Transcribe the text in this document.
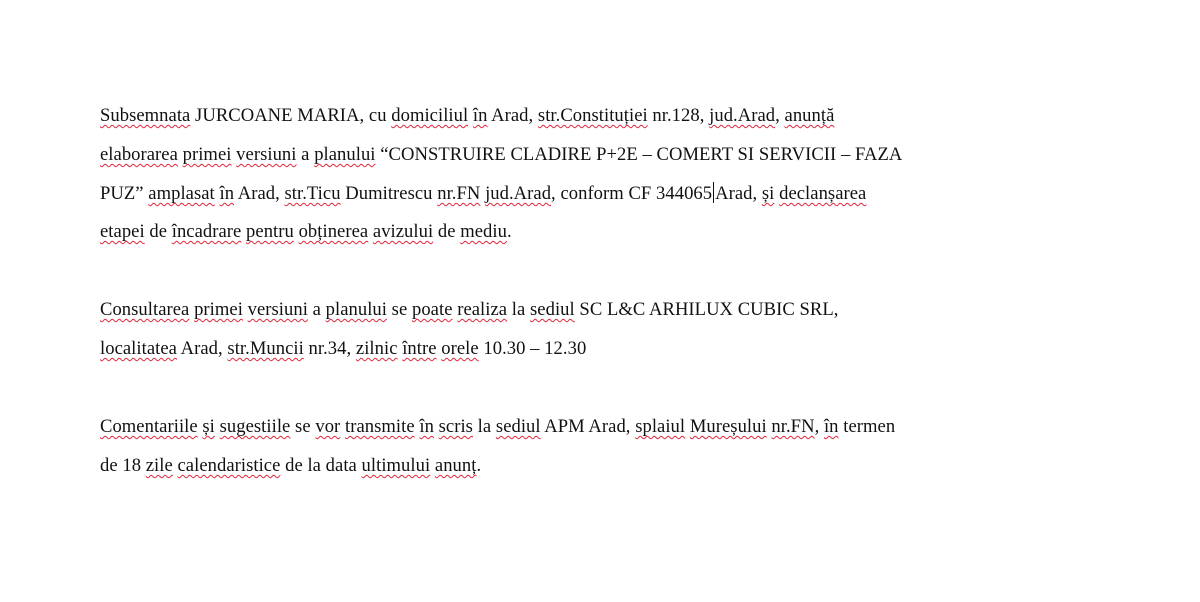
Subsemnata JURCOANE MARIA, cu domiciliul în Arad, str.Constituției nr.128, jud.Arad, anunță
elaborarea primei versiuni a planului “CONSTRUIRE CLADIRE P+2E – COMERT SI SERVICII – FAZA
PUZ” amplasat în Arad, str.Ticu Dumitrescu nr.FN jud.Arad, conform CF 344065 Arad, și declanșarea
etapei de încadrare pentru obținerea avizului de mediu.
Consultarea primei versiuni a planului se poate realiza la sediul SC L&C ARHILUX CUBIC SRL,
localitatea Arad, str.Muncii nr.34, zilnic între orele 10.30 – 12.30
Comentariile și sugestiile se vor transmite în scris la sediul APM Arad, splaiul Mureșului nr.FN, în termen
de 18 zile calendaristice de la data ultimului anunț.
